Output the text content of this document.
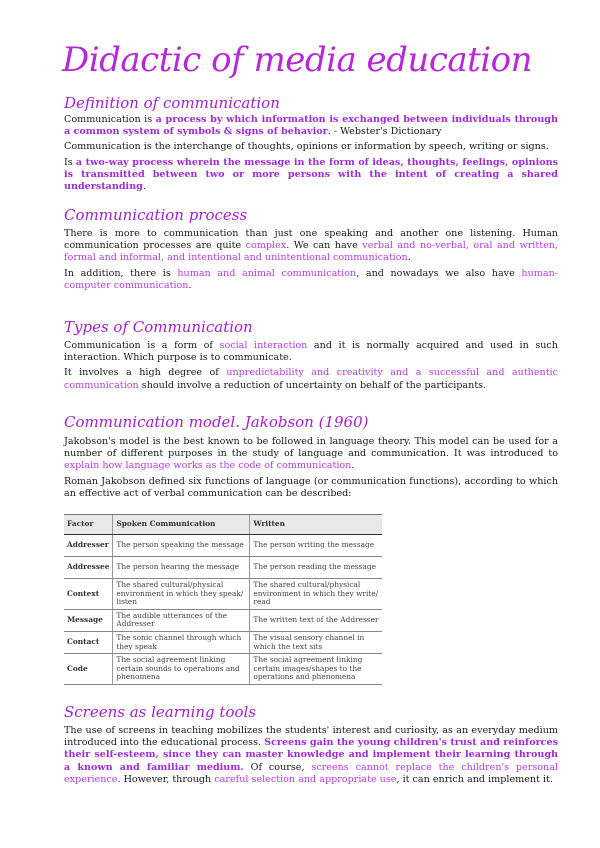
Didactic of media education
Definition of communication

Communication is a process by which information is exchanged between individuals through a common system of symbols & signs of behavior. - Webster's Dictionary

Communication is the interchange of thoughts, opinions or information by speech, writing or signs.

Is a two-way process wherein the message in the form of ideas, thoughts, feelings, opinions is transmitted between two or more persons with the intent of creating a shared understanding.

Communication process

There is more to communication than just one speaking and another one listening. Human communication processes are quite complex. We can have verbal and no-verbal, oral and written, formal and informal, and intentional and unintentional communication.

In addition, there is human and animal communication, and nowadays we also have human-computer communication.

Types of Communication

Communication is a form of social interaction and it is normally acquired and used in such interaction. Which purpose is to communicate.

It involves a high degree of unpredictability and creativity and a successful and authentic communication should involve a reduction of uncertainty on behalf of the participants.

Communication model. Jakobson (1960)

Jakobson's model is the best known to be followed in language theory. This model can be used for a number of different purposes in the study of language and communication. It was introduced to explain how language works as the code of communication.

Roman Jakobson defined six functions of language (or communication functions), according to which an effective act of verbal communication can be described:

Factor	Spoken Communication	Written
Addresser	The person speaking the message	The person writing the message
Addressee	The person hearing the message	The person reading the message
Context	The shared cultural/physical environment in which they speak/ listen	The shared cultural/physical environment in which they write/ read
Message	The audible utterances of the Addresser	The written text of the Addresser
Contact	The sonic channel through which they speak	The visual sensory channel in which the text sits
Code	The social agreement linking certain sounds to operations and phenomena	The social agreement linking certain images/shapes to the operations and phenomena
Screens as learning tools

The use of screens in teaching mobilizes the students' interest and curiosity, as an everyday medium introduced into the educational process. Screens gain the young children's trust and reinforces their self-esteem, since they can master knowledge and implement their learning through a known and familiar medium. Of course, screens cannot replace the children's personal experience. However, through careful selection and appropriate use, it can enrich and implement it.
